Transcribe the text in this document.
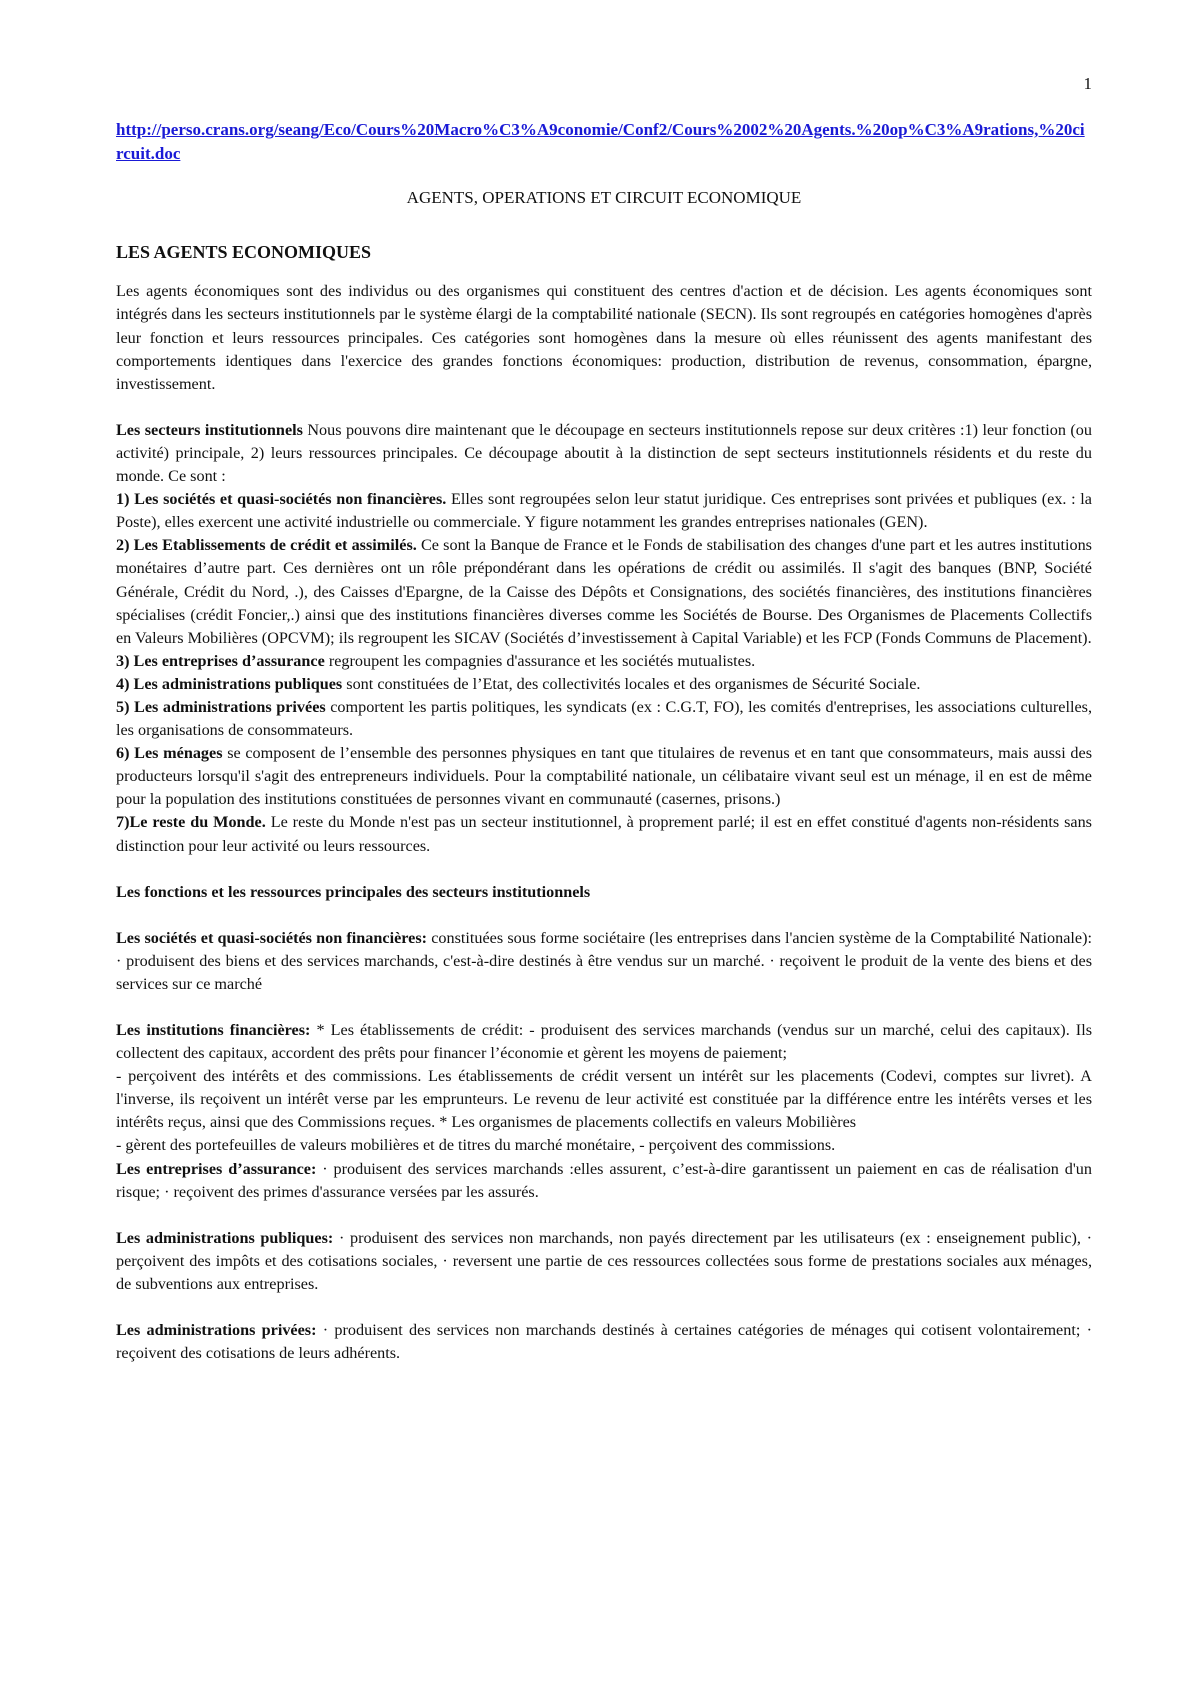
1
http://perso.crans.org/seang/Eco/Cours%20Macro%C3%A9conomie/Conf2/Cours%2002%20Agents.%20op%C3%A9rations,%20circuit.doc
AGENTS, OPERATIONS ET CIRCUIT ECONOMIQUE
LES AGENTS ECONOMIQUES

Les agents économiques sont des individus ou des organismes qui constituent des centres d'action et de décision. Les agents économiques sont intégrés dans les secteurs institutionnels par le système élargi de la comptabilité nationale (SECN). Ils sont regroupés en catégories homogènes d'après leur fonction et leurs ressources principales. Ces catégories sont homogènes dans la mesure où elles réunissent des agents manifestant des comportements identiques dans l'exercice des grandes fonctions économiques: production, distribution de revenus, consommation, épargne, investissement.

Les secteurs institutionnels Nous pouvons dire maintenant que le découpage en secteurs institutionnels repose sur deux critères :1) leur fonction (ou activité) principale, 2) leurs ressources principales. Ce découpage aboutit à la distinction de sept secteurs institutionnels résidents et du reste du monde. Ce sont :

1) Les sociétés et quasi-sociétés non financières. Elles sont regroupées selon leur statut juridique. Ces entreprises sont privées et publiques (ex. : la Poste), elles exercent une activité industrielle ou commerciale. Y figure notamment les grandes entreprises nationales (GEN).

2) Les Etablissements de crédit et assimilés. Ce sont la Banque de France et le Fonds de stabilisation des changes d'une part et les autres institutions monétaires d’autre part. Ces dernières ont un rôle prépondérant dans les opérations de crédit ou assimilés. Il s'agit des banques (BNP, Société Générale, Crédit du Nord, .), des Caisses d'Epargne, de la Caisse des Dépôts et Consignations, des sociétés financières, des institutions financières spécialises (crédit Foncier,.) ainsi que des institutions financières diverses comme les Sociétés de Bourse. Des Organismes de Placements Collectifs en Valeurs Mobilières (OPCVM); ils regroupent les SICAV (Sociétés d’investissement à Capital Variable) et les FCP (Fonds Communs de Placement).

3) Les entreprises d’assurance regroupent les compagnies d'assurance et les sociétés mutualistes.

4) Les administrations publiques sont constituées de l’Etat, des collectivités locales et des organismes de Sécurité Sociale.

5) Les administrations privées comportent les partis politiques, les syndicats (ex : C.G.T, FO), les comités d'entreprises, les associations culturelles, les organisations de consommateurs.

6) Les ménages se composent de l’ensemble des personnes physiques en tant que titulaires de revenus et en tant que consommateurs, mais aussi des producteurs lorsqu'il s'agit des entrepreneurs individuels. Pour la comptabilité nationale, un célibataire vivant seul est un ménage, il en est de même pour la population des institutions constituées de personnes vivant en communauté (casernes, prisons.)

7)Le reste du Monde. Le reste du Monde n'est pas un secteur institutionnel, à proprement parlé; il est en effet constitué d'agents non-résidents sans distinction pour leur activité ou leurs ressources.

Les fonctions et les ressources principales des secteurs institutionnels

Les sociétés et quasi-sociétés non financières: constituées sous forme sociétaire (les entreprises dans l'ancien système de la Comptabilité Nationale): · produisent des biens et des services marchands, c'est-à-dire destinés à être vendus sur un marché. · reçoivent le produit de la vente des biens et des services sur ce marché

Les institutions financières: * Les établissements de crédit: - produisent des services marchands (vendus sur un marché, celui des capitaux). Ils collectent des capitaux, accordent des prêts pour financer l’économie et gèrent les moyens de paiement;

- perçoivent des intérêts et des commissions. Les établissements de crédit versent un intérêt sur les placements (Codevi, comptes sur livret). A l'inverse, ils reçoivent un intérêt verse par les emprunteurs. Le revenu de leur activité est constituée par la différence entre les intérêts verses et les intérêts reçus, ainsi que des Commissions reçues. * Les organismes de placements collectifs en valeurs Mobilières

- gèrent des portefeuilles de valeurs mobilières et de titres du marché monétaire, - perçoivent des commissions.

Les entreprises d’assurance: · produisent des services marchands :elles assurent, c’est-à-dire garantissent un paiement en cas de réalisation d'un risque; · reçoivent des primes d'assurance versées par les assurés.

Les administrations publiques: · produisent des services non marchands, non payés directement par les utilisateurs (ex : enseignement public), · perçoivent des impôts et des cotisations sociales, · reversent une partie de ces ressources collectées sous forme de prestations sociales aux ménages, de subventions aux entreprises.

Les administrations privées: · produisent des services non marchands destinés à certaines catégories de ménages qui cotisent volontairement; · reçoivent des cotisations de leurs adhérents.
